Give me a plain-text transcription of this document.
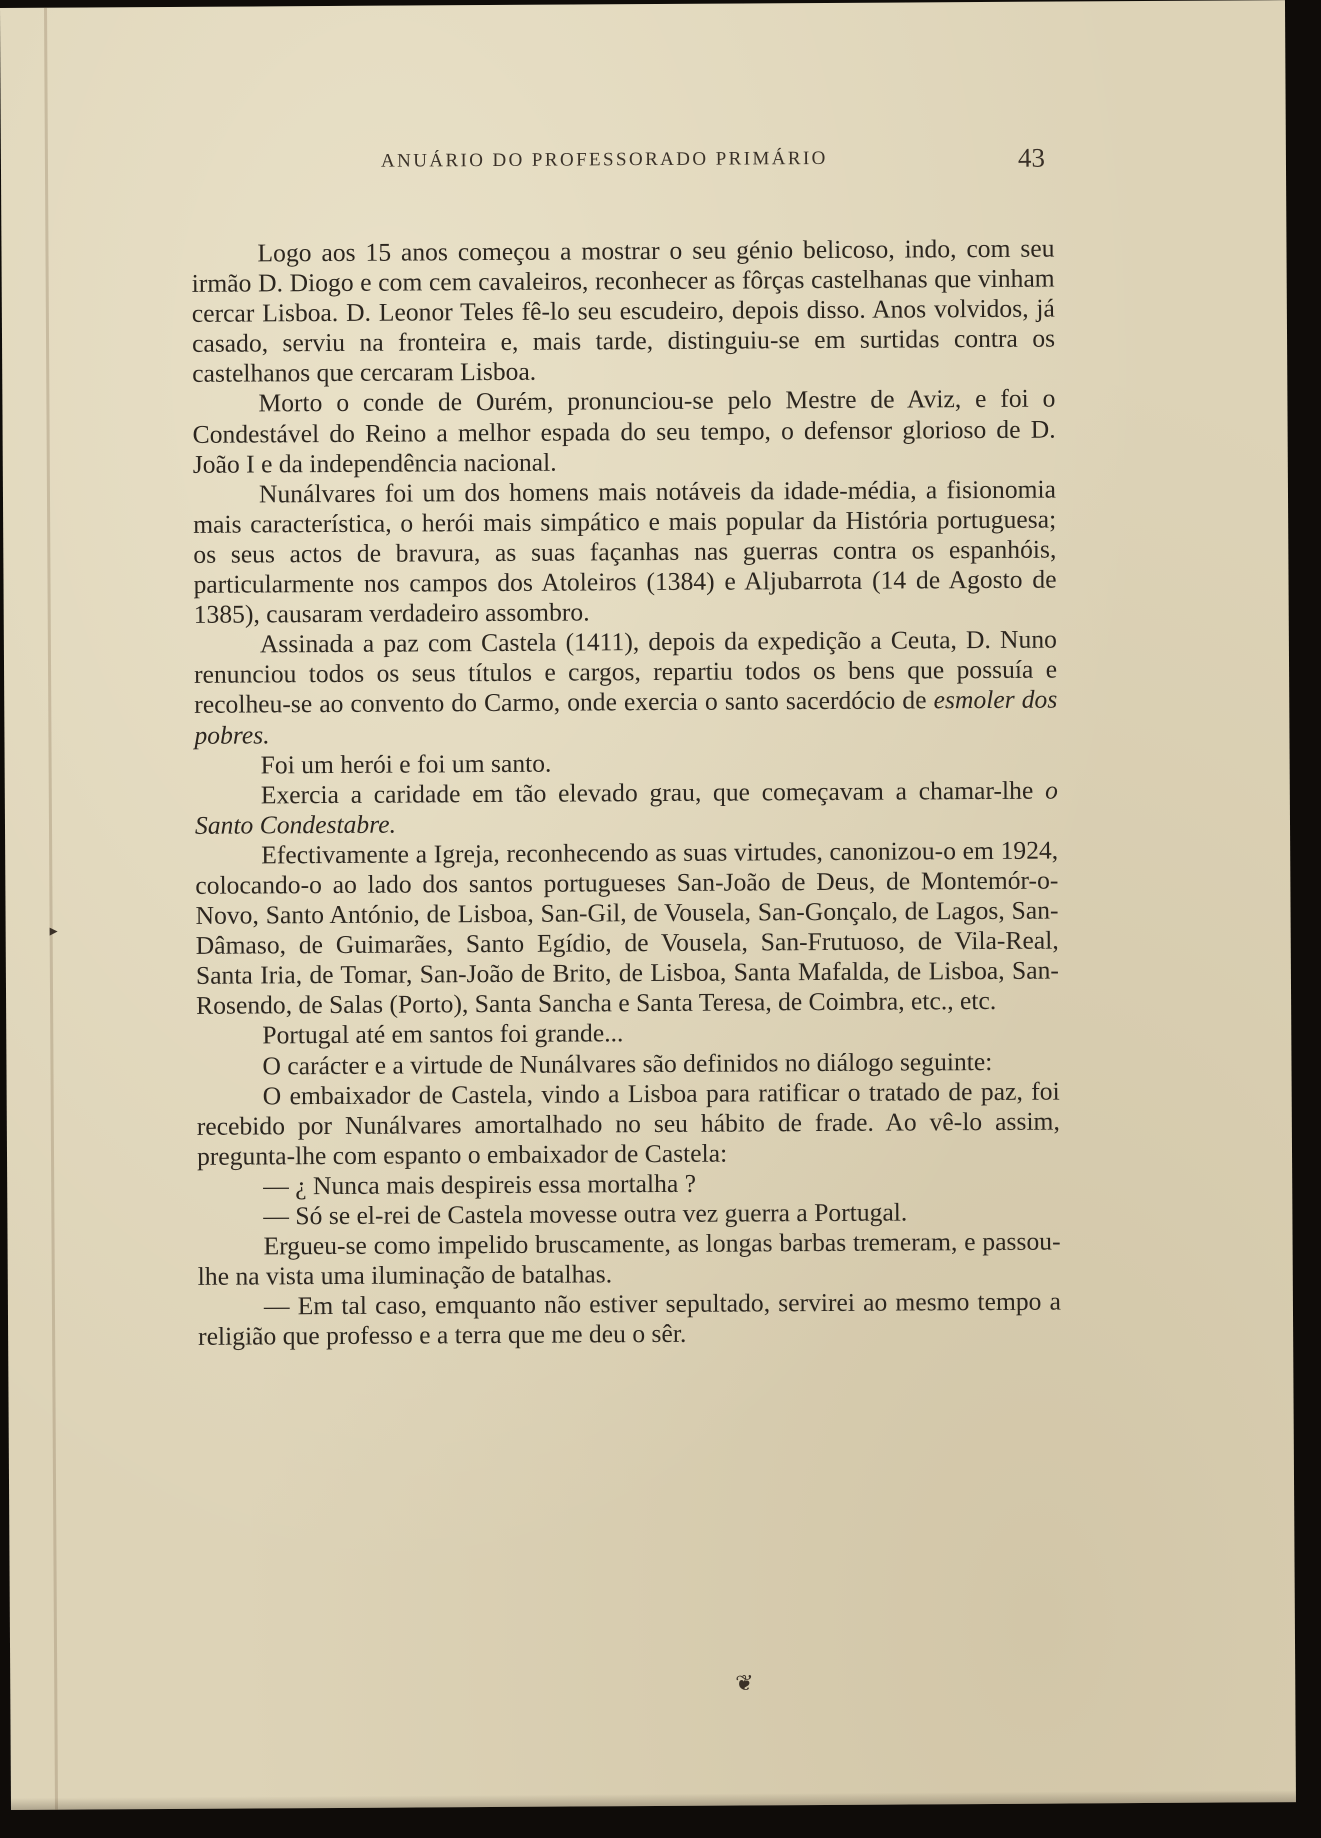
ANUÁRIO DO PROFESSORADO PRIMÁRIO	43
▸

Logo aos 15 anos começou a mostrar o seu génio belicoso, indo, com seu irmão D. Diogo e com cem cavaleiros, reconhecer as fôrças castelhanas que vinham cercar Lisboa. D. Leonor Teles fê-lo seu escudeiro, depois disso. Anos volvidos, já casado, serviu na fronteira e, mais tarde, distinguiu-se em surtidas contra os castelhanos que cercaram Lisboa.

Morto o conde de Ourém, pronunciou-se pelo Mestre de Aviz, e foi o Condestável do Reino a melhor espada do seu tempo, o defensor glorioso de D. João I e da independência nacional.

Nunálvares foi um dos homens mais notáveis da idade-média, a fisionomia mais característica, o herói mais simpático e mais popular da História portuguesa; os seus actos de bravura, as suas façanhas nas guerras contra os espanhóis, particularmente nos campos dos Atoleiros (1384) e Aljubarrota (14 de Agosto de 1385), causaram verdadeiro assombro.

Assinada a paz com Castela (1411), depois da expedição a Ceuta, D. Nuno renunciou todos os seus títulos e cargos, repartiu todos os bens que possuía e recolheu-se ao convento do Carmo, onde exercia o santo sacerdócio de esmoler dos pobres.

Foi um herói e foi um santo.

Exercia a caridade em tão elevado grau, que começavam a chamar-lhe o Santo Condestabre.

Efectivamente a Igreja, reconhecendo as suas virtudes, canonizou-o em 1924, colocando-o ao lado dos santos portugueses San-João de Deus, de Montemór-o-Novo, Santo António, de Lisboa, San-Gil, de Vousela, San-Gonçalo, de Lagos, San-Dâmaso, de Guimarães, Santo Egídio, de Vousela, San-Frutuoso, de Vila-Real, Santa Iria, de Tomar, San-João de Brito, de Lisboa, Santa Mafalda, de Lisboa, San-Rosendo, de Salas (Porto), Santa Sancha e Santa Teresa, de Coimbra, etc., etc.

Portugal até em santos foi grande...

O carácter e a virtude de Nunálvares são definidos no diálogo seguinte:

O embaixador de Castela, vindo a Lisboa para ratificar o tratado de paz, foi recebido por Nunálvares amortalhado no seu hábito de frade. Ao vê-lo assim, pregunta-lhe com espanto o embaixador de Castela:

— ¿ Nunca mais despireis essa mortalha ?

— Só se el-rei de Castela movesse outra vez guerra a Portugal.

Ergueu-se como impelido bruscamente, as longas barbas tremeram, e passou-lhe na vista uma iluminação de batalhas.

— Em tal caso, emquanto não estiver sepultado, servirei ao mesmo tempo a religião que professo e a terra que me deu o sêr.

❦
